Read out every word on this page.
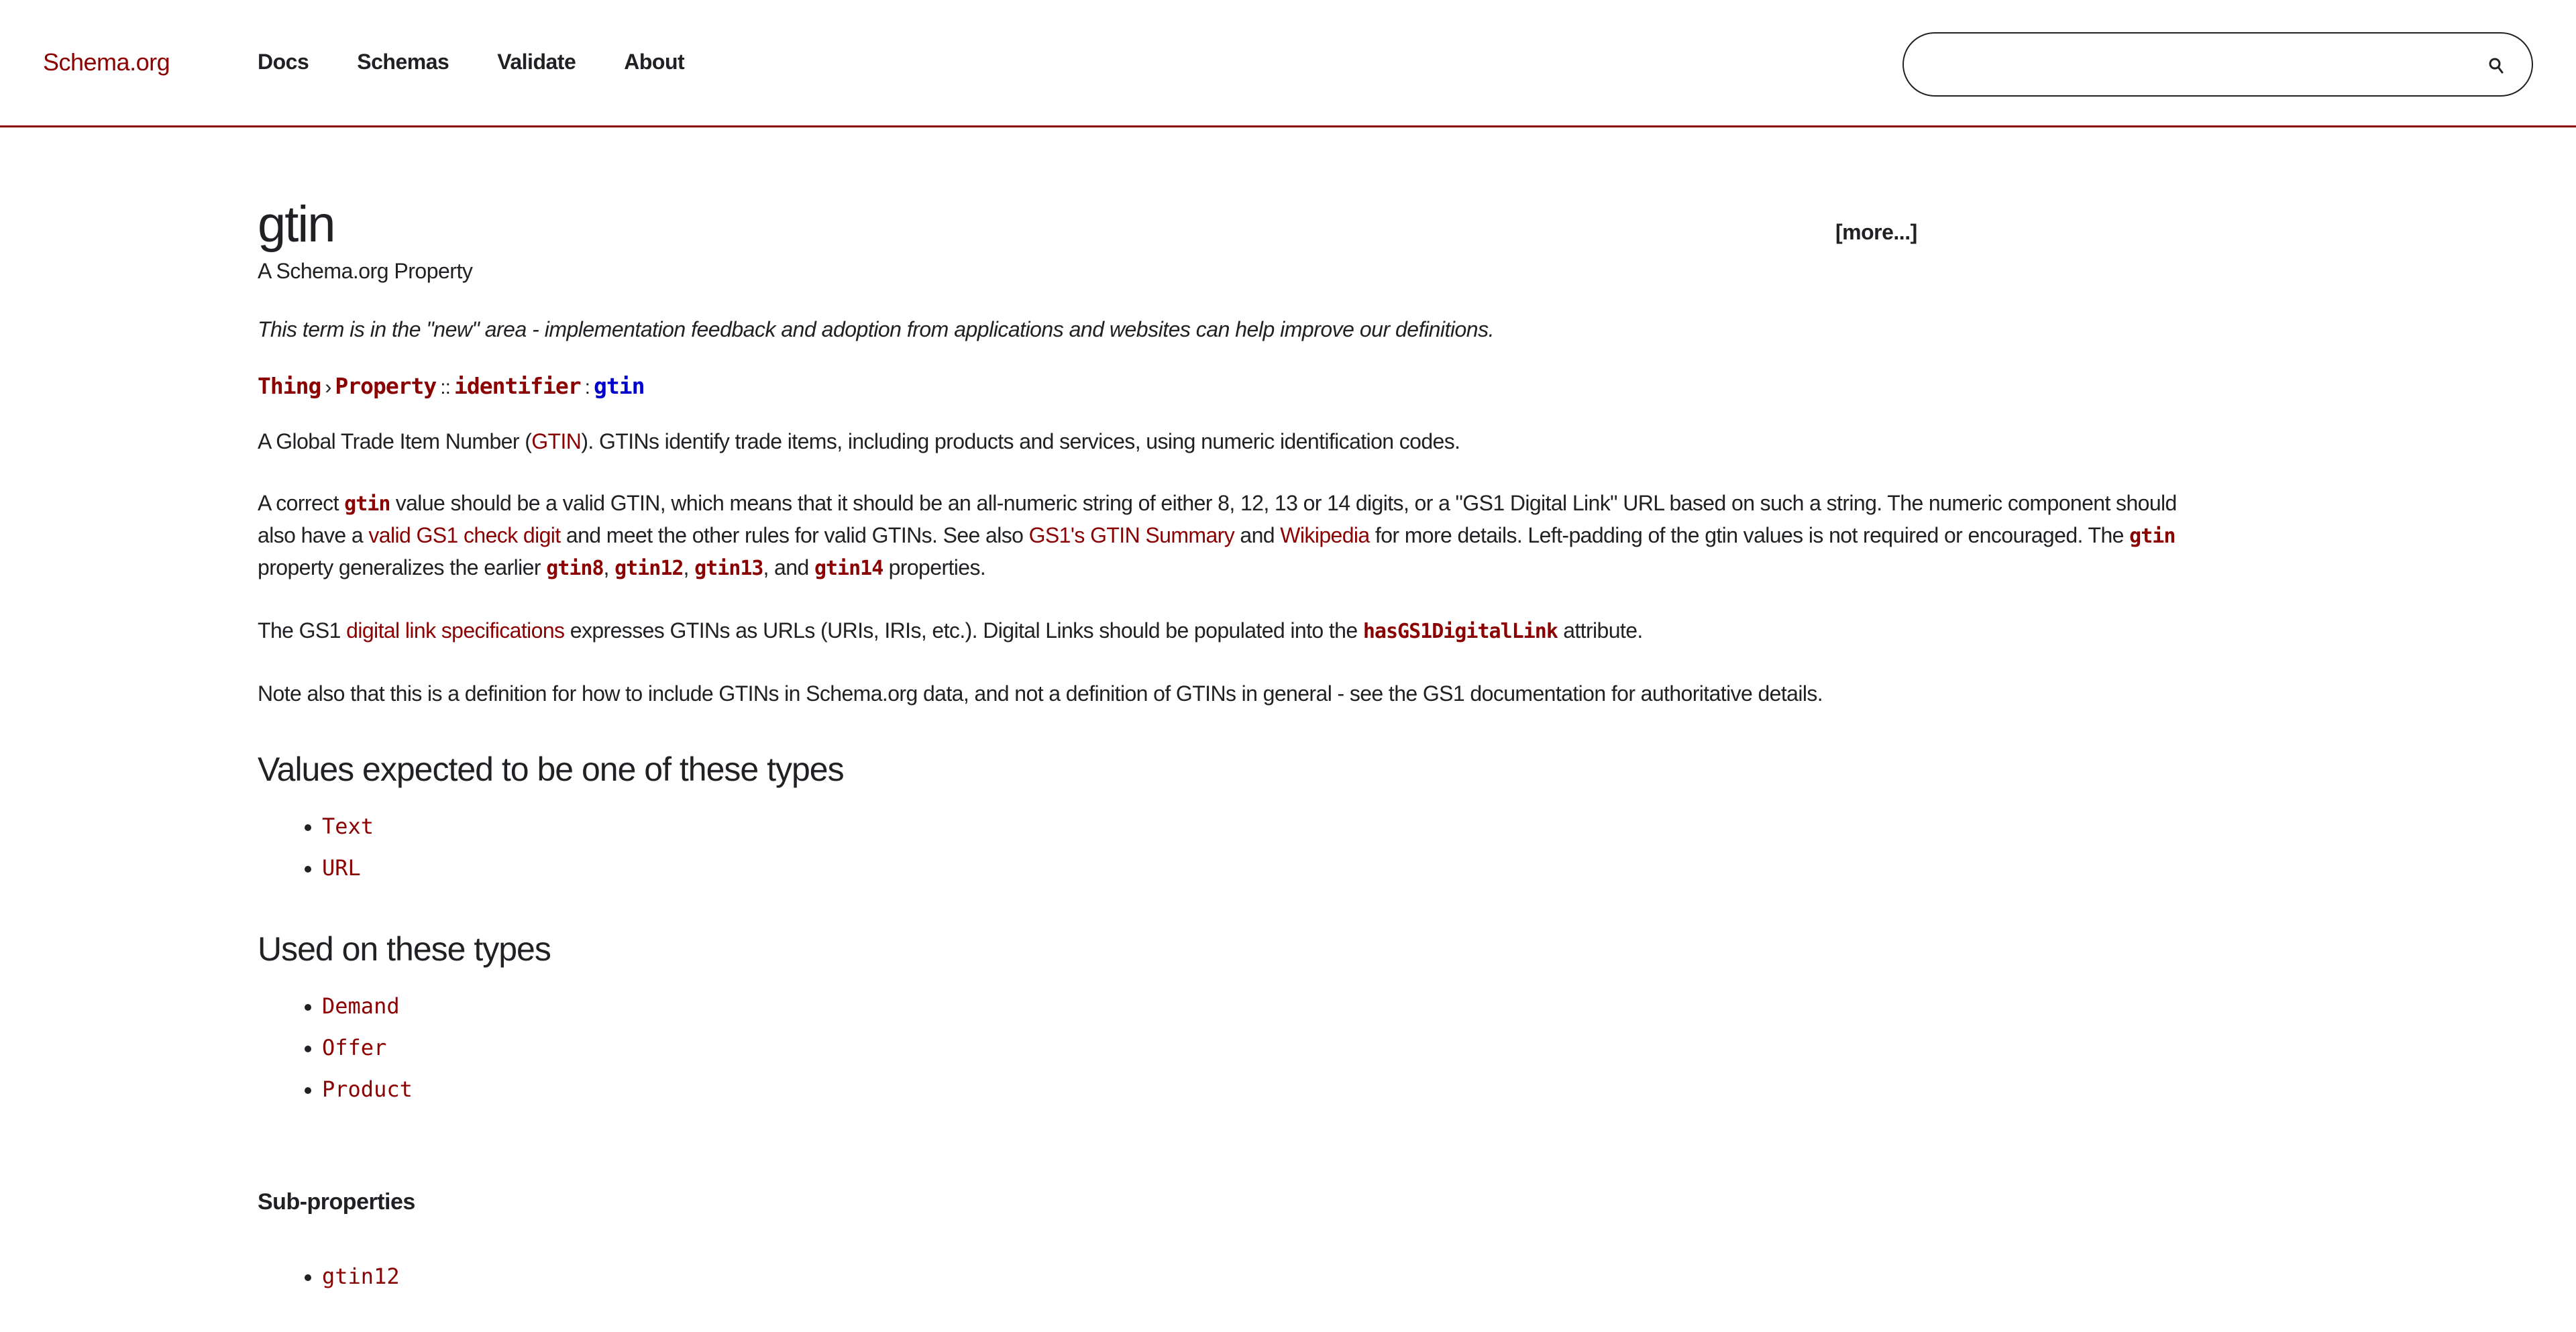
Schema.org	Docs Schemas Validate About
gtin
A Schema.org Property
This term is in the "new" area - implementation feedback and adoption from applications and websites can help improve our definitions.
Thing › Property :: identifier : gtin

A Global Trade Item Number (GTIN). GTINs identify trade items, including products and services, using numeric identification codes.

A correct gtin value should be a valid GTIN, which means that it should be an all-numeric string of either 8, 12, 13 or 14 digits, or a "GS1 Digital Link" URL based on such a string. The numeric component should also have a valid GS1 check digit and meet the other rules for valid GTINs. See also GS1's GTIN Summary and Wikipedia for more details. Left-padding of the gtin values is not required or encouraged. The gtin property generalizes the earlier gtin8, gtin12, gtin13, and gtin14 properties.

The GS1 digital link specifications expresses GTINs as URLs (URIs, IRIs, etc.). Digital Links should be populated into the hasGS1DigitalLink attribute.

Note also that this is a definition for how to include GTINs in Schema.org data, and not a definition of GTINs in general - see the GS1 documentation for authoritative details.

Values expected to be one of these types
• Text
• URL
Used on these types
• Demand
• Offer
• Product
Sub-properties
• gtin12
[more...]
